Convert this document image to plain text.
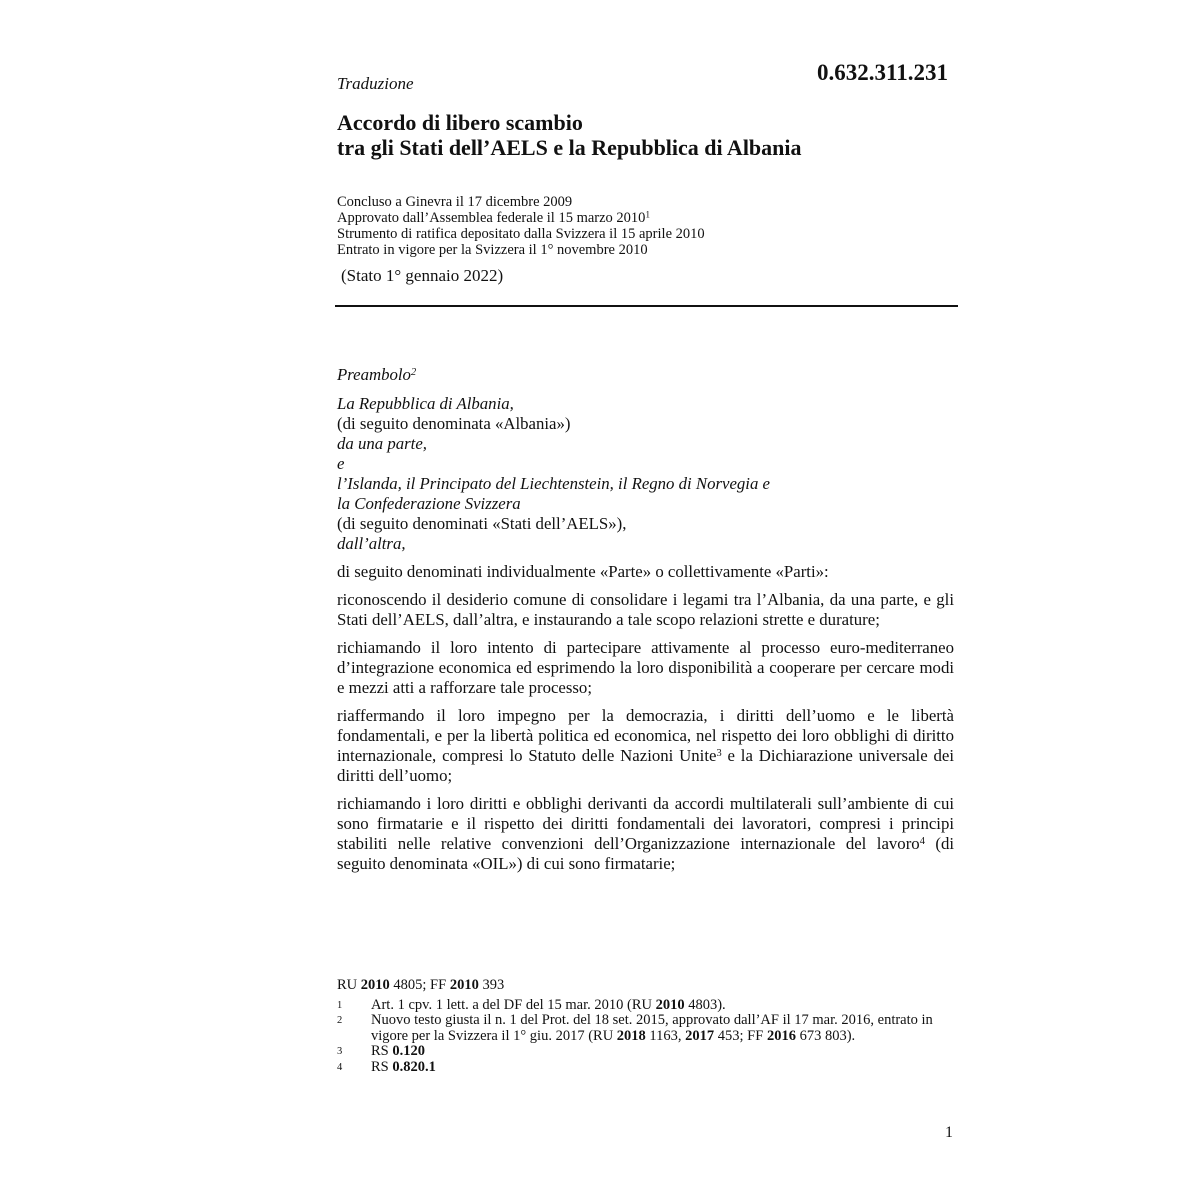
Traduzione	0.632.311.231
Accordo di libero scambio
tra gli Stati dell’AELS e la Repubblica di Albania
Concluso a Ginevra il 17 dicembre 2009
Approvato dall’Assemblea federale il 15 marzo 2010$^1$
Strumento di ratifica depositato dalla Svizzera il 15 aprile 2010
Entrato in vigore per la Svizzera il 1° novembre 2010
(Stato 1° gennaio 2022)

Preambolo$^2$

La Repubblica di Albania,

(di seguito denominata «Albania»)

da una parte,

e

l’Islanda, il Principato del Liechtenstein, il Regno di Norvegia e

la Confederazione Svizzera

(di seguito denominati «Stati dell’AELS»),

dall’altra,

di seguito denominati individualmente «Parte» o collettivamente «Parti»:

riconoscendo il desiderio comune di consolidare i legami tra l’Albania, da una parte, e gli Stati dell’AELS, dall’altra, e instaurando a tale scopo relazioni strette e durature;

richiamando il loro intento di partecipare attivamente al processo euro-mediterraneo d’integrazione economica ed esprimendo la loro disponibilità a cooperare per cercare modi e mezzi atti a rafforzare tale processo;

riaffermando il loro impegno per la democrazia, i diritti dell’uomo e le libertà fondamentali, e per la libertà politica ed economica, nel rispetto dei loro obblighi di diritto internazionale, compresi lo Statuto delle Nazioni Unite$^3$ e la Dichiarazione universale dei diritti dell’uomo;

richiamando i loro diritti e obblighi derivanti da accordi multilaterali sull’ambiente di cui sono firmatarie e il rispetto dei diritti fondamentali dei lavoratori, compresi i principi stabiliti nelle relative convenzioni dell’Organizzazione internazionale del lavoro$^4$ (di seguito denominata «OIL») di cui sono firmatarie;

RU 2010 4805; FF 2010 393
1	Art. 1 cpv. 1 lett. a del DF del 15 mar. 2010 (RU 2010 4803).
2	Nuovo testo giusta il n. 1 del Prot. del 18 set. 2015, approvato dall’AF il 17 mar. 2016, entrato in vigore per la Svizzera il 1° giu. 2017 (RU 2018 1163, 2017 453; FF 2016 673 803).
3	RS 0.120
4	RS 0.820.1
1
